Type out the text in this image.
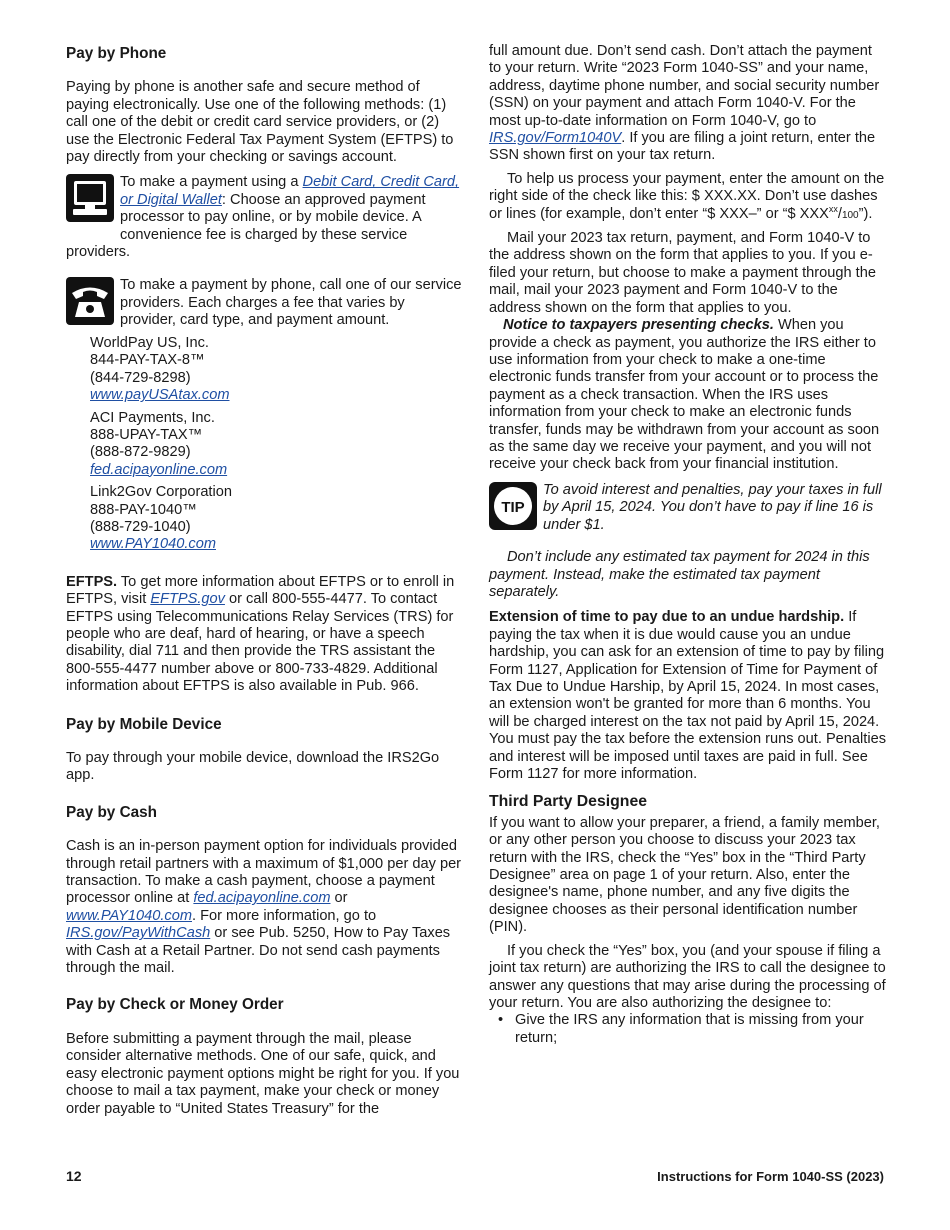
Pay by Phone

Paying by phone is another safe and secure method of paying electronically. Use one of the following methods: (1) call one of the debit or credit card service providers, or (2) use the Electronic Federal Tax Payment System (EFTPS) to pay directly from your checking or savings account.

To make a payment using a Debit Card, Credit Card, or Digital Wallet: Choose an approved payment processor to pay online, or by mobile device. A convenience fee is charged by these service providers.
To make a payment by phone, call one of our service providers. Each charges a fee that varies by provider, card type, and payment amount.

WorldPay US, Inc.

844-PAY-TAX-8™

(844-729-8298)

www.payUSAtax.com

ACI Payments, Inc.

888-UPAY-TAX™

(888-872-9829)

fed.acipayonline.com

Link2Gov Corporation

888-PAY-1040™

(888-729-1040)

www.PAY1040.com

EFTPS. To get more information about EFTPS or to enroll in EFTPS, visit EFTPS.gov or call 800-555-4477. To contact EFTPS using Telecommunications Relay Services (TRS) for people who are deaf, hard of hearing, or have a speech disability, dial 711 and then provide the TRS assistant the 800-555-4477 number above or 800-733-4829. Additional information about EFTPS is also available in Pub. 966.

Pay by Mobile Device

To pay through your mobile device, download the IRS2Go app.

Pay by Cash

Cash is an in-person payment option for individuals provided through retail partners with a maximum of $1,000 per day per transaction. To make a cash payment, choose a payment processor online at fed.acipayonline.com or www.PAY1040.com. For more information, go to IRS.gov/PayWithCash or see Pub. 5250, How to Pay Taxes with Cash at a Retail Partner. Do not send cash payments through the mail.

Pay by Check or Money Order

Before submitting a payment through the mail, please consider alternative methods. One of our safe, quick, and easy electronic payment options might be right for you. If you choose to mail a tax payment, make your check or money order payable to “United States Treasury” for the

full amount due. Don’t send cash. Don’t attach the payment to your return. Write “2023 Form 1040-SS” and your name, address, daytime phone number, and social security number (SSN) on your payment and attach Form 1040-V. For the most up-to-date information on Form 1040-V, go to IRS.gov/Form1040V. If you are filing a joint return, enter the SSN shown first on your tax return.

To help us process your payment, enter the amount on the right side of the check like this: $ XXX.XX. Don’t use dashes or lines (for example, don’t enter “$ XXX–” or “$ XXX$^{xx}$/100”).

Mail your 2023 tax return, payment, and Form 1040-V to the address shown on the form that applies to you. If you e-filed your return, but choose to make a payment through the mail, mail your 2023 payment and Form 1040-V to the address shown on the form that applies to you.

Notice to taxpayers presenting checks. When you provide a check as payment, you authorize the IRS either to use information from your check to make a one-time electronic funds transfer from your account or to process the payment as a check transaction. When the IRS uses information from your check to make an electronic funds transfer, funds may be withdrawn from your account as soon as the same day we receive your payment, and you will not receive your check back from your financial institution.

TIP

To avoid interest and penalties, pay your taxes in full by April 15, 2024. You don’t have to pay if line 16 is under $1.

Don’t include any estimated tax payment for 2024 in this payment. Instead, make the estimated tax payment separately.

Extension of time to pay due to an undue hardship. If paying the tax when it is due would cause you an undue hardship, you can ask for an extension of time to pay by filing Form 1127, Application for Extension of Time for Payment of Tax Due to Undue Harship, by April 15, 2024. In most cases, an extension won't be granted for more than 6 months. You will be charged interest on the tax not paid by April 15, 2024. You must pay the tax before the extension runs out. Penalties and interest will be imposed until taxes are paid in full. See Form 1127 for more information.

Third Party Designee

If you want to allow your preparer, a friend, a family member, or any other person you choose to discuss your 2023 tax return with the IRS, check the “Yes” box in the “Third Party Designee” area on page 1 of your return. Also, enter the designee's name, phone number, and any five digits the designee chooses as their personal identification number (PIN).

If you check the “Yes” box, you (and your spouse if filing a joint tax return) are authorizing the IRS to call the designee to answer any questions that may arise during the processing of your return. You are also authorizing the designee to:

• Give the IRS any information that is missing from your return;

12	Instructions for Form 1040-SS (2023)
